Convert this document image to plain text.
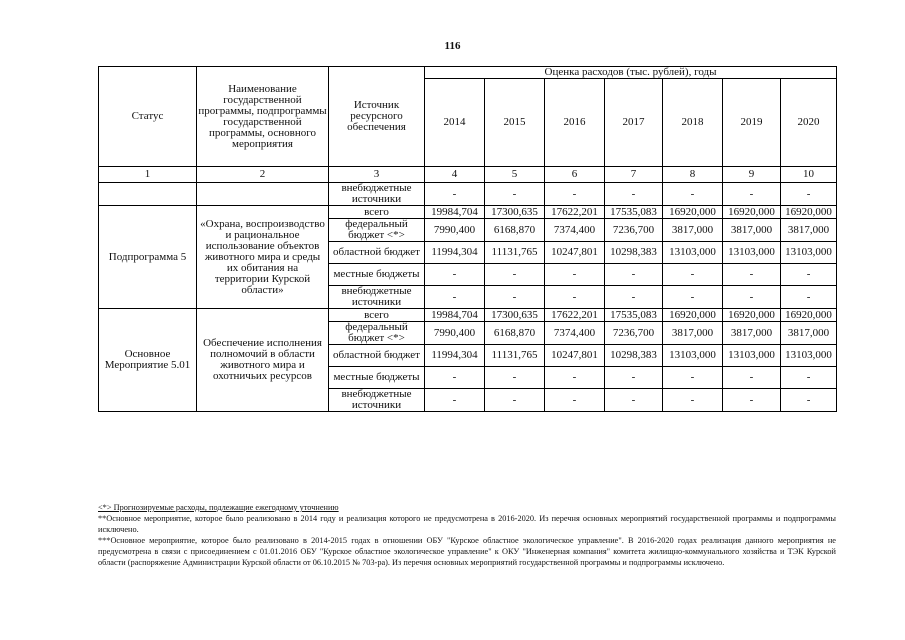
116
Статус	Наименование государственной программы, подпрограммы государственной программы, основного мероприятия	Источник ресурсного обеспечения	Оценка расходов (тыс. рублей), годы						
			2014	2015	2016	2017	2018	2019	2020
1	2	3	4	5	6	7	8	9	10
		внебюджетные источники	-	-	-	-	-	-	-
Подпрограмма 5	«Охрана, воспроизводство и рациональное использование объектов животного мира и среды их обитания на территории Курской области»	всего	19984,704	17300,635	17622,201	17535,083	16920,000	16920,000	16920,000
		федеральный бюджет <*>	7990,400	6168,870	7374,400	7236,700	3817,000	3817,000	3817,000
		областной бюджет	11994,304	11131,765	10247,801	10298,383	13103,000	13103,000	13103,000
		местные бюджеты	-	-	-	-	-	-	-
		внебюджетные источники	-	-	-	-	-	-	-
Основное Мероприятие 5.01	Обеспечение исполнения полномочий в области животного мира и охотничьих ресурсов	всего	19984,704	17300,635	17622,201	17535,083	16920,000	16920,000	16920,000
		федеральный бюджет <*>	7990,400	6168,870	7374,400	7236,700	3817,000	3817,000	3817,000
		областной бюджет	11994,304	11131,765	10247,801	10298,383	13103,000	13103,000	13103,000
		местные бюджеты	-	-	-	-	-	-	-
		внебюджетные источники	-	-	-	-	-	-	-

<*> Прогнозируемые расходы, подлежащие ежегодному уточнению

**Основное мероприятие, которое было реализовано в 2014 году и реализация которого не предусмотрена в 2016-2020. Из перечня основных мероприятий государственной программы и подпрограммы исключено.

***Основное мероприятие, которое было реализовано в 2014-2015 годах в отношении ОБУ "Курское областное экологическое управление". В 2016-2020 годах реализация данного мероприятия не предусмотрена в связи с присоединением с 01.01.2016 ОБУ "Курское областное экологическое управление" к ОКУ "Инженерная компания" комитета жилищно-коммунального хозяйства и ТЭК Курской области (распоряжение Администрации Курской области от 06.10.2015 № 703-ра). Из перечня основных мероприятий государственной программы и подпрограммы исключено.
